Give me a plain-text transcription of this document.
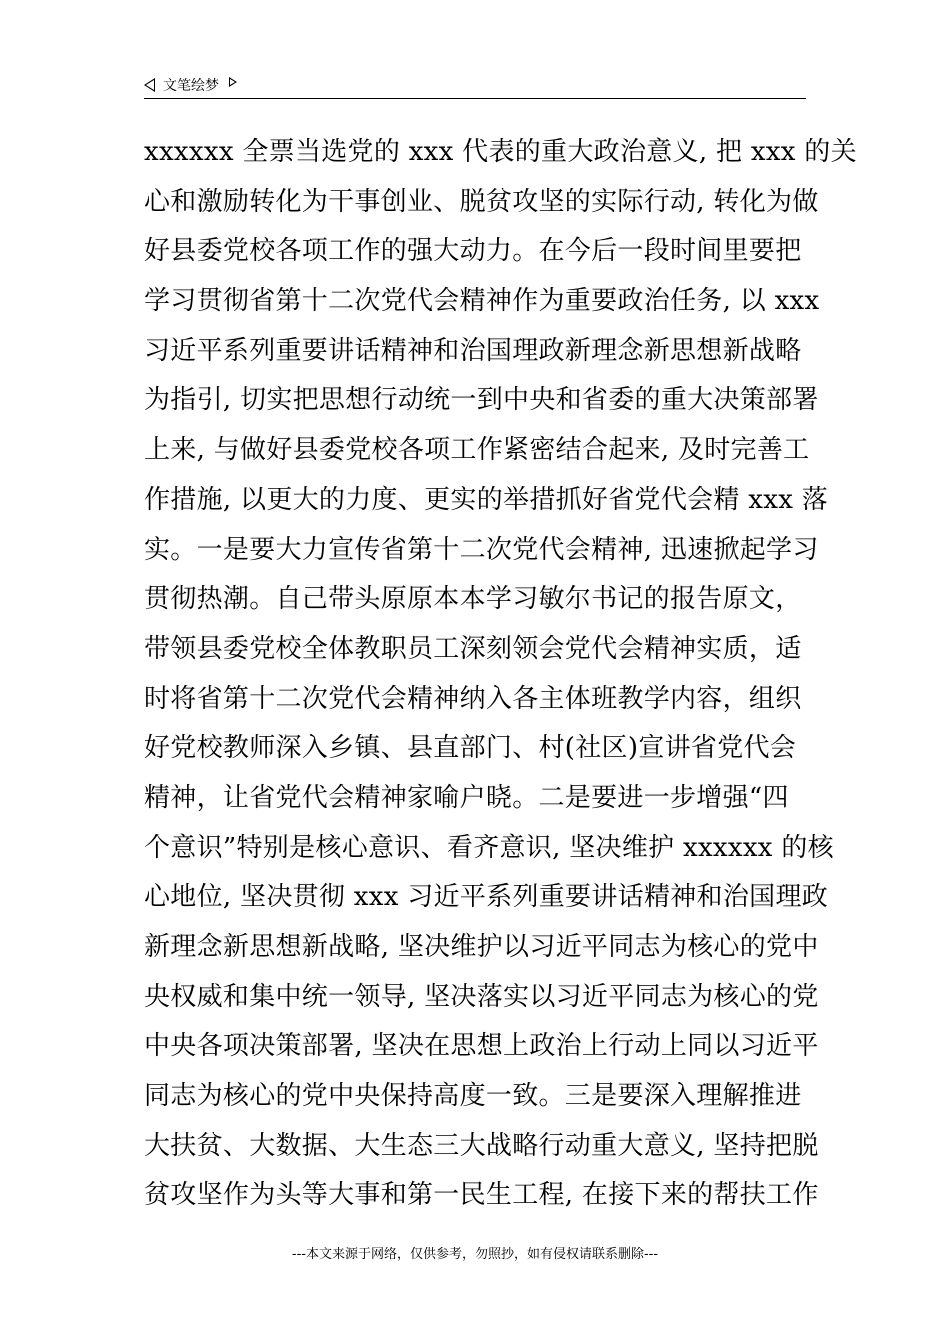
文笔绘梦
xxxxxx 全票当选党的 xxx 代表的重大政治意义, 把 xxx 的关
心和激励转化为干事创业、脱贫攻坚的实际行动, 转化为做
好县委党校各项工作的强大动力。在今后一段时间里要把
学习贯彻省第十二次党代会精神作为重要政治任务, 以 xxx
习近平系列重要讲话精神和治国理政新理念新思想新战略
为指引, 切实把思想行动统一到中央和省委的重大决策部署
上来, 与做好县委党校各项工作紧密结合起来, 及时完善工
作措施, 以更大的力度、更实的举措抓好省党代会精 xxx 落
实。一是要大力宣传省第十二次党代会精神, 迅速掀起学习
贯彻热潮。自己带头原原本本学习敏尔书记的报告原文，
带领县委党校全体教职员工深刻领会党代会精神实质，适
时将省第十二次党代会精神纳入各主体班教学内容，组织
好党校教师深入乡镇、县直部门、村(社区)宣讲省党代会
精神，让省党代会精神家喻户晓。二是要进一步增强“四
个意识”特别是核心意识、看齐意识, 坚决维护 xxxxxx 的核
心地位, 坚决贯彻 xxx 习近平系列重要讲话精神和治国理政
新理念新思想新战略, 坚决维护以习近平同志为核心的党中
央权威和集中统一领导, 坚决落实以习近平同志为核心的党
中央各项决策部署, 坚决在思想上政治上行动上同以习近平
同志为核心的党中央保持高度一致。三是要深入理解推进
大扶贫、大数据、大生态三大战略行动重大意义, 坚持把脱
贫攻坚作为头等大事和第一民生工程, 在接下来的帮扶工作
---本文来源于网络，仅供参考，勿照抄，如有侵权请联系删除---
